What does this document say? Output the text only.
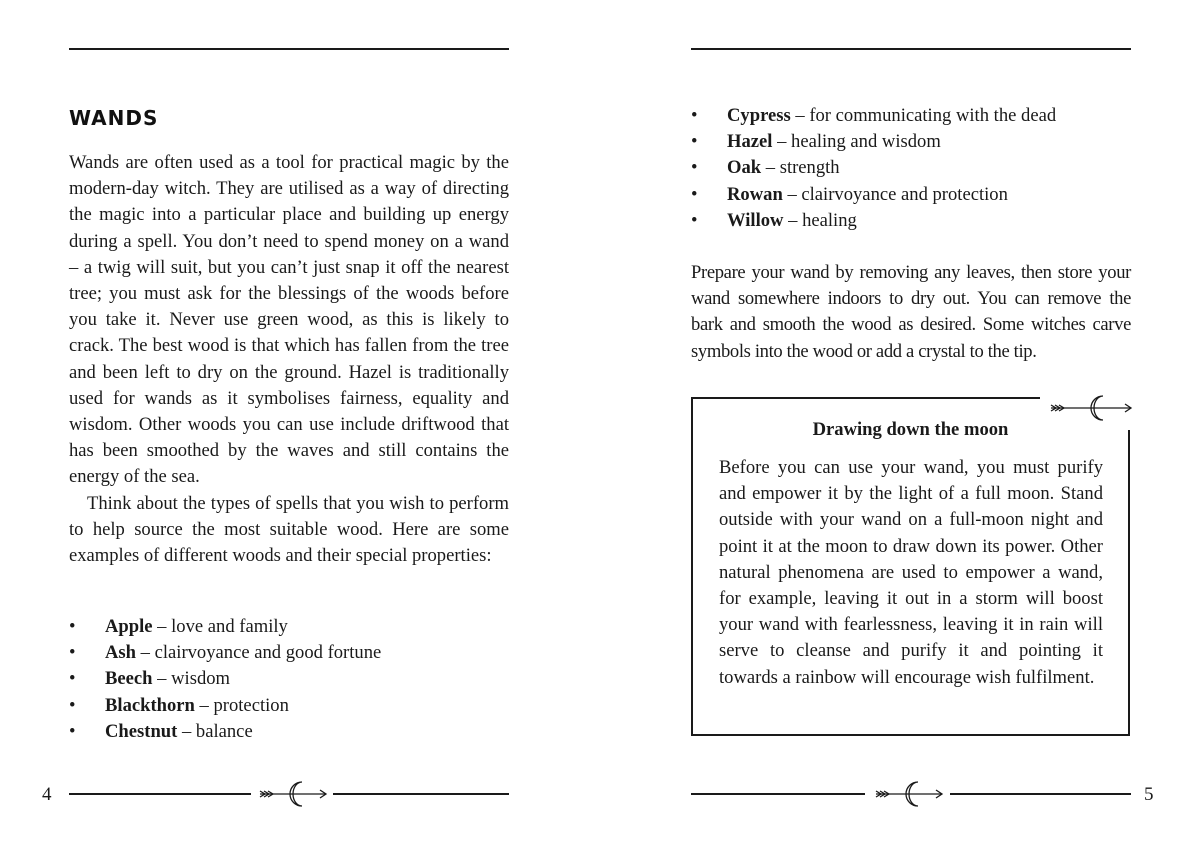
WANDS

Wands are often used as a tool for practical magic by the modern-day witch. They are utilised as a way of directing the magic into a particular place and building up energy during a spell. You don’t need to spend money on a wand – a twig will suit, but you can’t just snap it off the nearest tree; you must ask for the blessings of the woods before you take it. Never use green wood, as this is likely to crack. The best wood is that which has fallen from the tree and been left to dry on the ground. Hazel is traditionally used for wands as it symbolises fairness, equality and wisdom. Other woods you can use include driftwood that has been smoothed by the waves and still contains the energy of the sea.

Think about the types of spells that you wish to perform to help source the most suitable wood. Here are some examples of different woods and their special properties:

• Apple – love and family
• Ash – clairvoyance and good fortune
• Beech – wisdom
• Blackthorn – protection
• Chestnut – balance
4
• Cypress – for communicating with the dead
• Hazel – healing and wisdom
• Oak – strength
• Rowan – clairvoyance and protection
• Willow – healing

Prepare your wand by removing any leaves, then store your wand somewhere indoors to dry out. You can remove the bark and smooth the wood as desired. Some witches carve symbols into the wood or add a crystal to the tip.

Drawing down the moon

Before you can use your wand, you must purify and empower it by the light of a full moon. Stand outside with your wand on a full-moon night and point it at the moon to draw down its power. Other natural phenomena are used to empower a wand, for example, leaving it out in a storm will boost your wand with fearlessness, leaving it in rain will serve to cleanse and purify it and pointing it towards a rainbow will encourage wish fulfilment.

5
